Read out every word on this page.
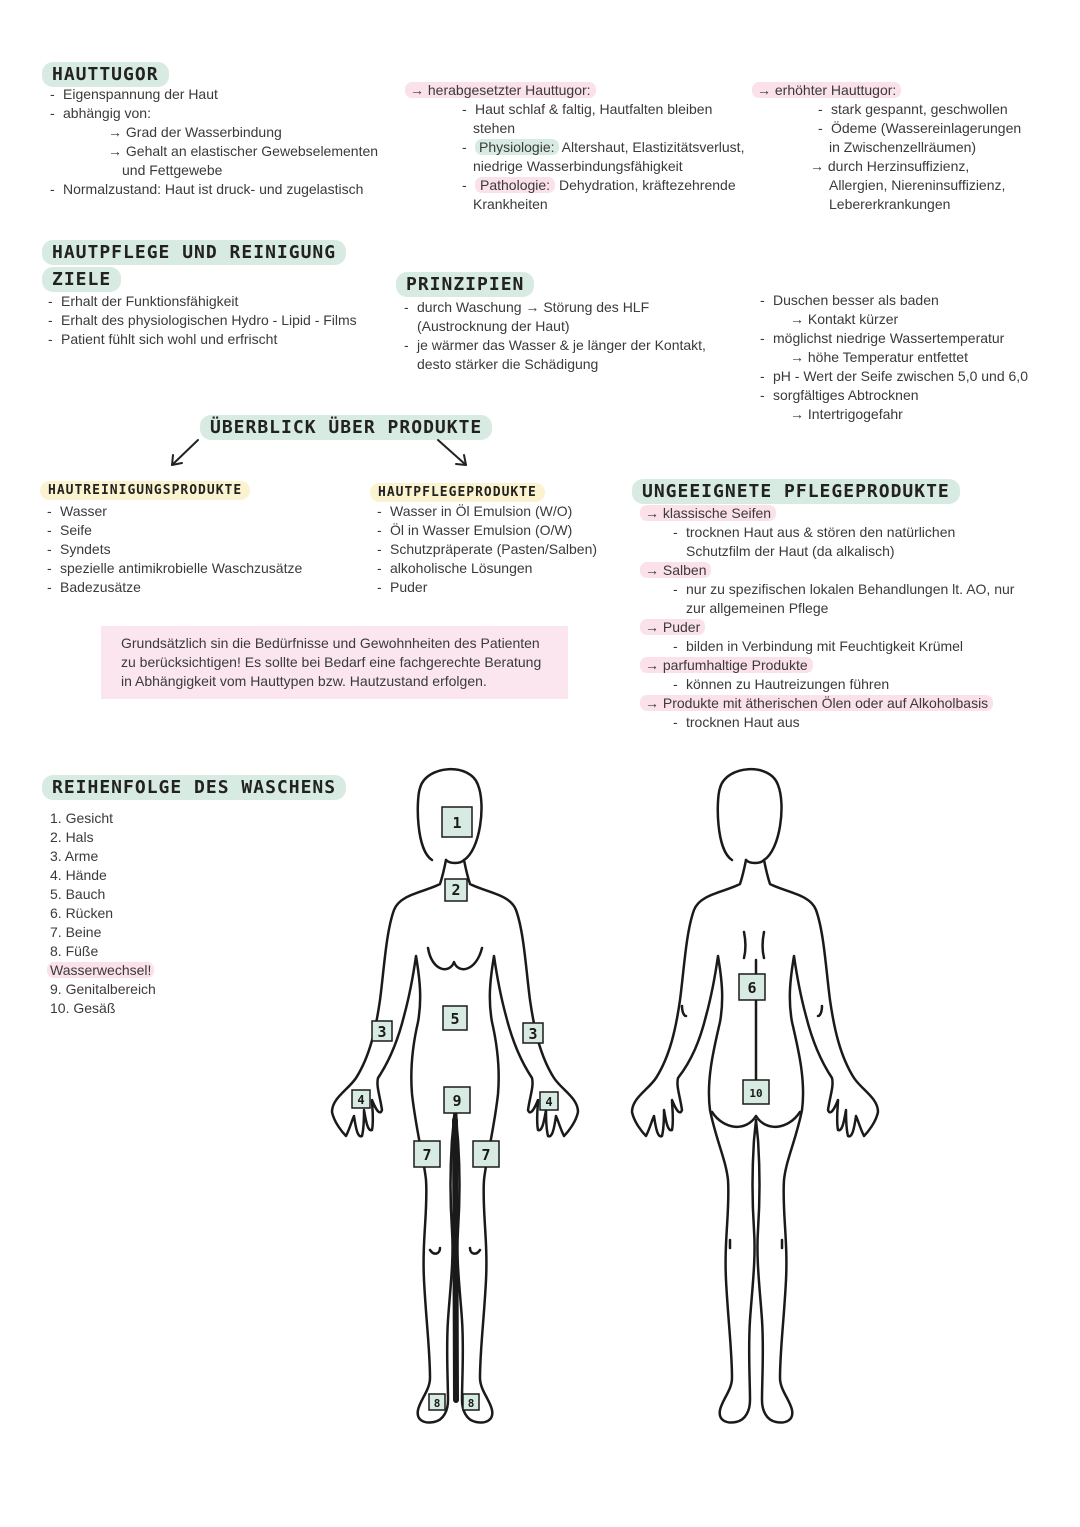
HAUTTUGOR
- Eigenspannung der Haut
- abhängig von:
→ Grad der Wasserbindung
→ Gehalt an elastischer Gewebselementen
und Fettgewebe
- Normalzustand: Haut ist druck- und zugelastisch
→ herabgesetzter Hauttugor:
- Haut schlaf & faltig, Hautfalten bleiben
stehen
- Physiologie: Altershaut, Elastizitätsverlust,
niedrige Wasserbindungsfähigkeit
- Pathologie: Dehydration, kräftezehrende
Krankheiten
→ erhöhter Hauttugor:
- stark gespannt, geschwollen
- Ödeme (Wassereinlagerungen
in Zwischenzellräumen)
→ durch Herzinsuffizienz,
Allergien, Niereninsuffizienz,
Lebererkrankungen
HAUTPFLEGE UND REINIGUNG
ZIELE
- Erhalt der Funktionsfähigkeit
- Erhalt des physiologischen Hydro - Lipid - Films
- Patient fühlt sich wohl und erfrischt
PRINZIPIEN
- durch Waschung → Störung des HLF
(Austrocknung der Haut)
- je wärmer das Wasser & je länger der Kontakt,
desto stärker die Schädigung
- Duschen besser als baden
→ Kontakt kürzer
- möglichst niedrige Wassertemperatur
→ höhe Temperatur entfettet
- pH - Wert der Seife zwischen 5,0 und 6,0
- sorgfältiges Abtrocknen
→ Intertrigogefahr
ÜBERBLICK ÜBER PRODUKTE
HAUTREINIGUNGSPRODUKTE
- Wasser
- Seife
- Syndets
- spezielle antimikrobielle Waschzusätze
- Badezusätze
HAUTPFLEGEPRODUKTE
- Wasser in Öl Emulsion (W/O)
- Öl in Wasser Emulsion (O/W)
- Schutzpräperate (Pasten/Salben)
- alkoholische Lösungen
- Puder
Grundsätzlich sin die Bedürfnisse und Gewohnheiten des Patienten zu berücksichtigen! Es sollte bei Bedarf eine fachgerechte Beratung in Abhängigkeit vom Hauttypen bzw. Hautzustand erfolgen.
UNGEEIGNETE PFLEGEPRODUKTE
→ klassische Seifen
- trocknen Haut aus & stören den natürlichen
Schutzfilm der Haut (da alkalisch)
→ Salben
- nur zu spezifischen lokalen Behandlungen lt. AO, nur
zur allgemeinen Pflege
→ Puder
- bilden in Verbindung mit Feuchtigkeit Krümel
→ parfumhaltige Produkte
- können zu Hautreizungen führen
→ Produkte mit ätherischen Ölen oder auf Alkoholbasis
- trocknen Haut aus
REIHENFOLGE DES WASCHENS
1. Gesicht
2. Hals
3. Arme
4. Hände
5. Bauch
6. Rücken
7. Beine
8. Füße
Wasserwechsel!
9. Genitalbereich
10. Gesäß
1
2
3	3
4	4
5
9
7	7
8 8
6
10
